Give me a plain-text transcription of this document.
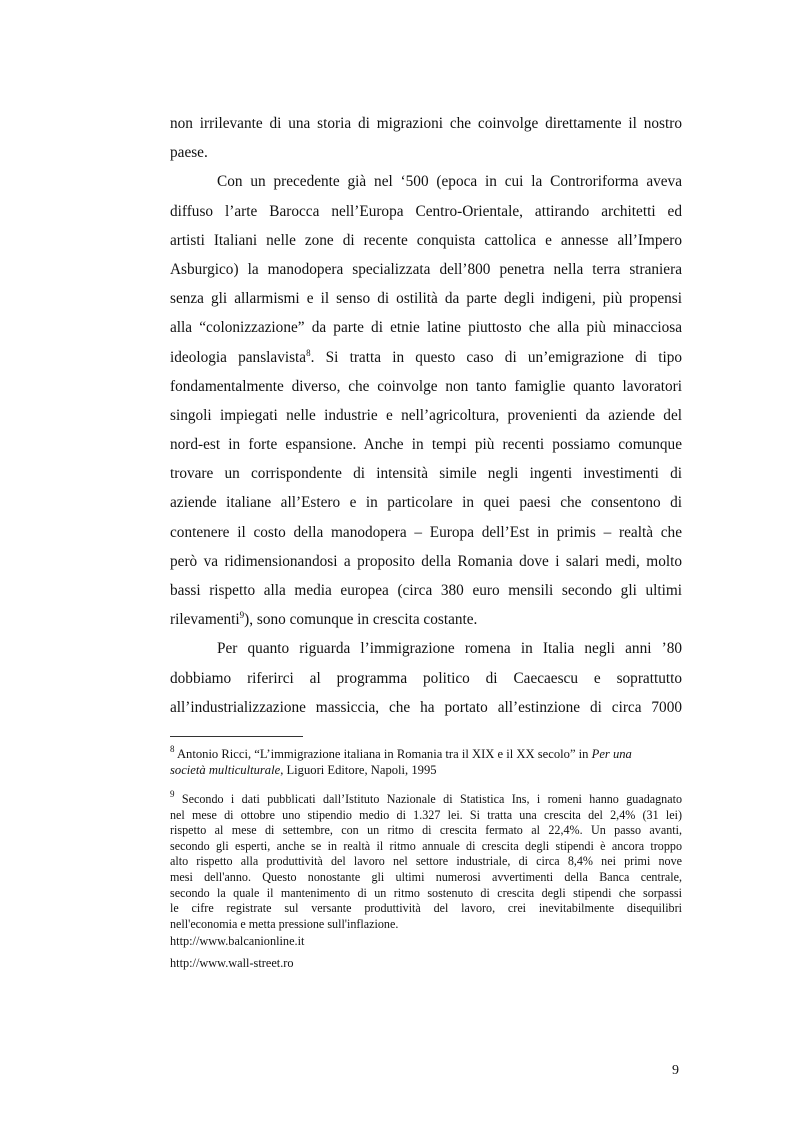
non irrilevante di una storia di migrazioni che coinvolge direttamente il nostro
paese.

Con un precedente già nel ‘500 (epoca in cui la Controriforma aveva
diffuso l’arte Barocca nell’Europa Centro-Orientale, attirando architetti ed
artisti Italiani nelle zone di recente conquista cattolica e annesse all’Impero
Asburgico) la manodopera specializzata dell’800 penetra nella terra straniera
senza gli allarmismi e il senso di ostilità da parte degli indigeni, più propensi
alla “colonizzazione” da parte di etnie latine piuttosto che alla più minacciosa
ideologia panslavista$^8$. Si tratta in questo caso di un’emigrazione di tipo
fondamentalmente diverso, che coinvolge non tanto famiglie quanto lavoratori
singoli impiegati nelle industrie e nell’agricoltura, provenienti da aziende del
nord-est in forte espansione. Anche in tempi più recenti possiamo comunque
trovare un corrispondente di intensità simile negli ingenti investimenti di
aziende italiane all’Estero e in particolare in quei paesi che consentono di
contenere il costo della manodopera – Europa dell’Est in primis – realtà che
però va ridimensionandosi a proposito della Romania dove i salari medi, molto
bassi rispetto alla media europea (circa 380 euro mensili secondo gli ultimi
rilevamenti$^9$), sono comunque in crescita costante.

Per quanto riguarda l’immigrazione romena in Italia negli anni ’80
dobbiamo riferirci al programma politico di Caecaescu e soprattutto
all’industrializzazione massiccia, che ha portato all’estinzione di circa 7000

$^8$ Antonio Ricci, “L’immigrazione italiana in Romania tra il XIX e il XX secolo” in Per una
società multiculturale, Liguori Editore, Napoli, 1995
$^9$ Secondo i dati pubblicati dall’Istituto Nazionale di Statistica Ins, i romeni hanno guadagnato
nel mese di ottobre uno stipendio medio di 1.327 lei. Si tratta una crescita del 2,4% (31 lei)
rispetto al mese di settembre, con un ritmo di crescita fermato al 22,4%. Un passo avanti,
secondo gli esperti, anche se in realtà il ritmo annuale di crescita degli stipendi è ancora troppo
alto rispetto alla produttività del lavoro nel settore industriale, di circa 8,4% nei primi nove
mesi dell'anno. Questo nonostante gli ultimi numerosi avvertimenti della Banca centrale,
secondo la quale il mantenimento di un ritmo sostenuto di crescita degli stipendi che sorpassi
le cifre registrate sul versante produttività del lavoro, crei inevitabilmente disequilibri
nell'economia e metta pressione sull'inflazione.
http://www.balcanionline.it
http://www.wall-street.ro
9
